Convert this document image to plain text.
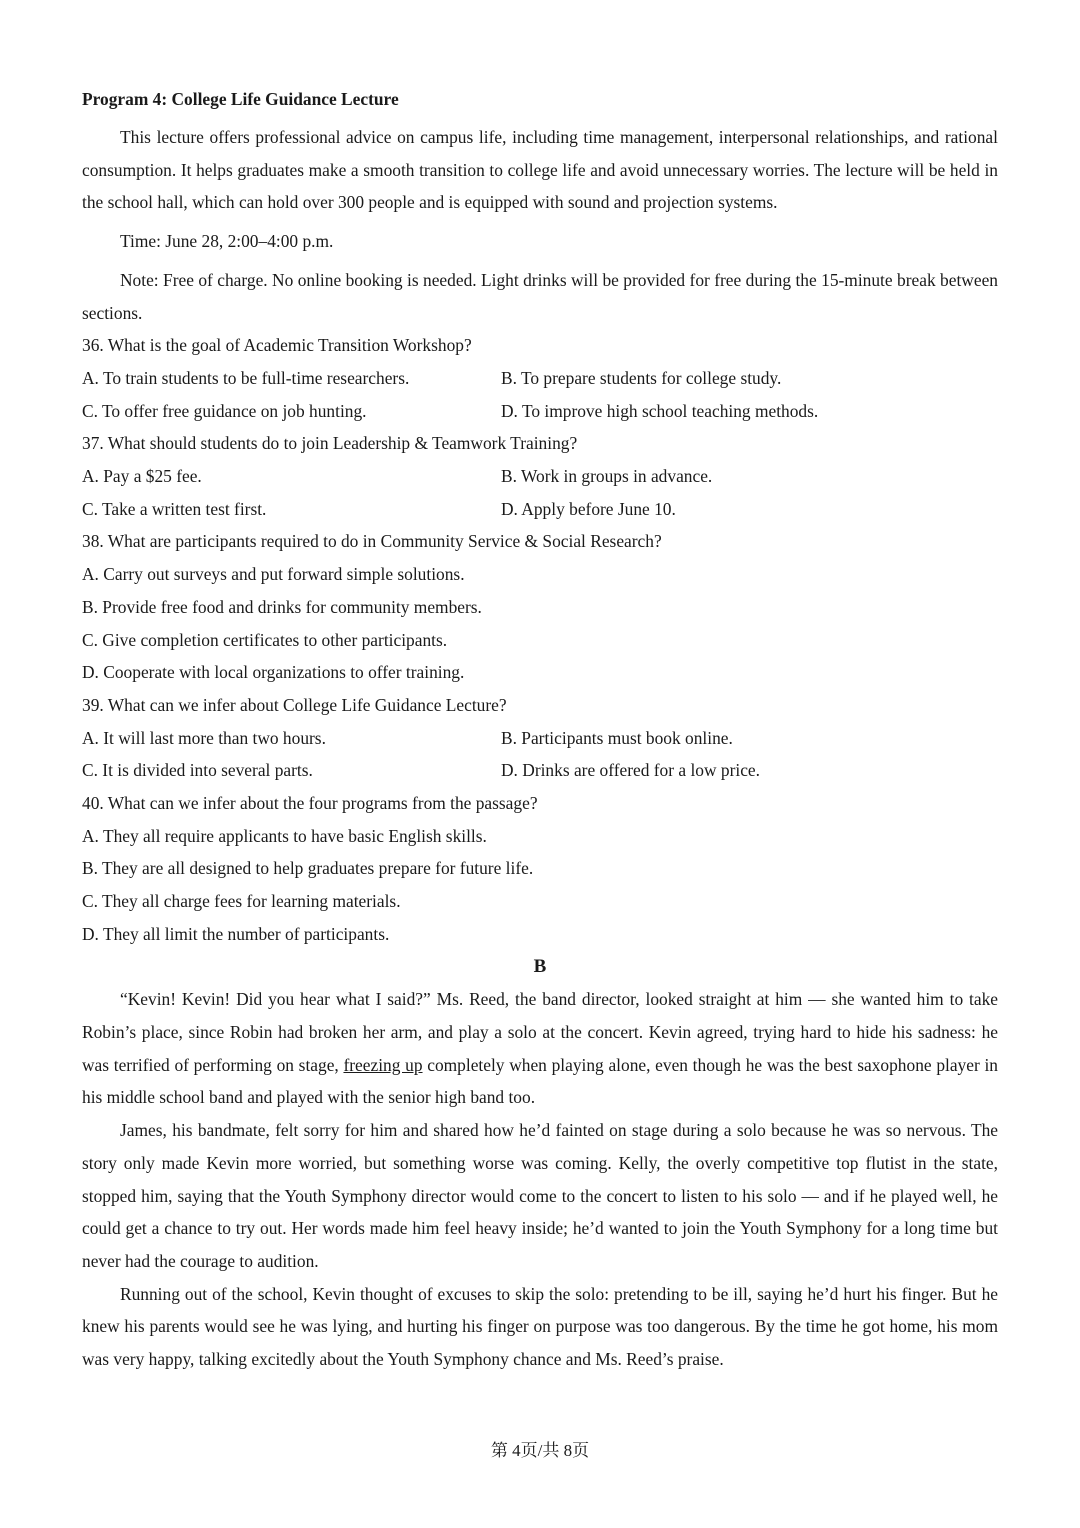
Program 4: College Life Guidance Lecture

This lecture offers professional advice on campus life, including time management, interpersonal relationships, and rational consumption. It helps graduates make a smooth transition to college life and avoid unnecessary worries. The lecture will be held in the school hall, which can hold over 300 people and is equipped with sound and projection systems.

Time: June 28, 2:00–4:00 p.m.

Note: Free of charge. No online booking is needed. Light drinks will be provided for free during the 15-minute break between sections.

36. What is the goal of Academic Transition Workshop?
A. To train students to be full-time researchers.	B. To prepare students for college study.
C. To offer free guidance on job hunting.	D. To improve high school teaching methods.
37. What should students do to join Leadership & Teamwork Training?
A. Pay a $25 fee.	B. Work in groups in advance.
C. Take a written test first.	D. Apply before June 10.
38. What are participants required to do in Community Service & Social Research?
A. Carry out surveys and put forward simple solutions.
B. Provide free food and drinks for community members.
C. Give completion certificates to other participants.
D. Cooperate with local organizations to offer training.
39. What can we infer about College Life Guidance Lecture?
A. It will last more than two hours.	B. Participants must book online.
C. It is divided into several parts.	D. Drinks are offered for a low price.
40. What can we infer about the four programs from the passage?
A. They all require applicants to have basic English skills.
B. They are all designed to help graduates prepare for future life.
C. They all charge fees for learning materials.
D. They all limit the number of participants.
B

“Kevin! Kevin! Did you hear what I said?” Ms. Reed, the band director, looked straight at him — she wanted him to take Robin’s place, since Robin had broken her arm, and play a solo at the concert. Kevin agreed, trying hard to hide his sadness: he was terrified of performing on stage, freezing up completely when playing alone, even though he was the best saxophone player in his middle school band and played with the senior high band too.

James, his bandmate, felt sorry for him and shared how he’d fainted on stage during a solo because he was so nervous. The story only made Kevin more worried, but something worse was coming. Kelly, the overly competitive top flutist in the state, stopped him, saying that the Youth Symphony director would come to the concert to listen to his solo — and if he played well, he could get a chance to try out. Her words made him feel heavy inside; he’d wanted to join the Youth Symphony for a long time but never had the courage to audition.

Running out of the school, Kevin thought of excuses to skip the solo: pretending to be ill, saying he’d hurt his finger. But he knew his parents would see he was lying, and hurting his finger on purpose was too dangerous. By the time he got home, his mom was very happy, talking excitedly about the Youth Symphony chance and Ms. Reed’s praise.

第 4页/共 8页
